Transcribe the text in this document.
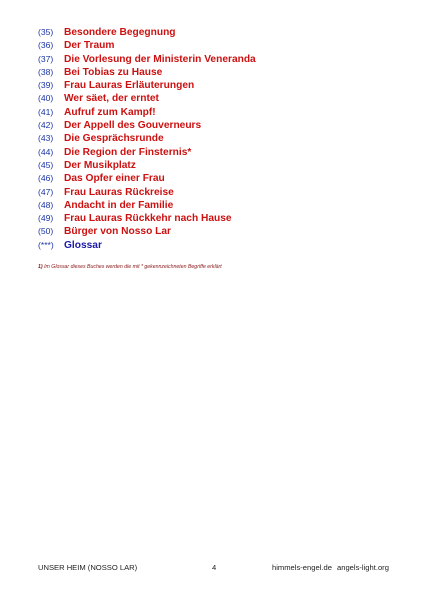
(35)	Besondere Begegnung
(36)	Der Traum
(37)	Die Vorlesung der Ministerin Veneranda
(38)	Bei Tobias zu Hause
(39)	Frau Lauras Erläuterungen
(40)	Wer säet, der erntet
(41)	Aufruf zum Kampf!
(42)	Der Appell des Gouverneurs
(43)	Die Gesprächsrunde
(44)	Die Region der Finsternis*
(45)	Der Musikplatz
(46)	Das Opfer einer Frau
(47)	Frau Lauras Rückreise
(48)	Andacht in der Familie
(49)	Frau Lauras Rückkehr nach Hause
(50)	Bürger von Nosso Lar
(***)	Glossar
1) Im Glossar dieses Buches werden die mit * gekennzeichneten Begriffe erklärt
UNSER HEIM (NOSSO LAR)	4	himmels-engel.de angels-light.org
